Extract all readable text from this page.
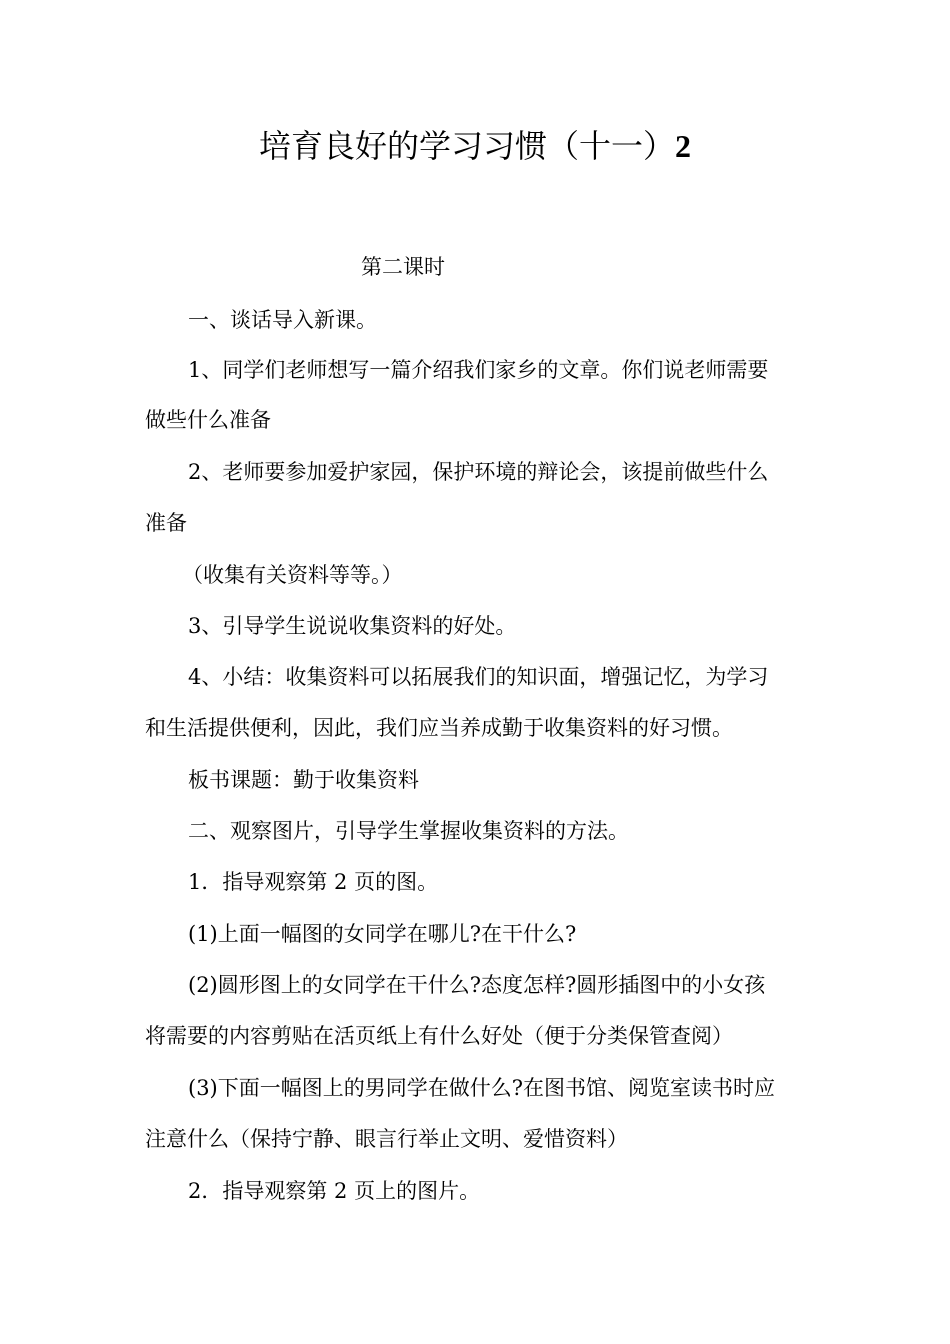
培育良好的学习习惯（十一）2
第二课时
一、谈话导入新课。
1、同学们老师想写一篇介绍我们家乡的文章。你们说老师需要
做些什么准备
2、老师要参加爱护家园，保护环境的辩论会，该提前做些什么
准备
（收集有关资料等等。）
3、引导学生说说收集资料的好处。
4、小结：收集资料可以拓展我们的知识面，增强记忆，为学习
和生活提供便利，因此，我们应当养成勤于收集资料的好习惯。
板书课题：勤于收集资料
二、观察图片，引导学生掌握收集资料的方法。
1．指导观察第 2 页的图。
(1)上面一幅图的女同学在哪儿?在干什么?
(2)圆形图上的女同学在干什么?态度怎样?圆形插图中的小女孩
将需要的内容剪贴在活页纸上有什么好处（便于分类保管查阅）
(3)下面一幅图上的男同学在做什么?在图书馆、阅览室读书时应
注意什么（保持宁静、眼言行举止文明、爱惜资料）
2．指导观察第 2 页上的图片。
